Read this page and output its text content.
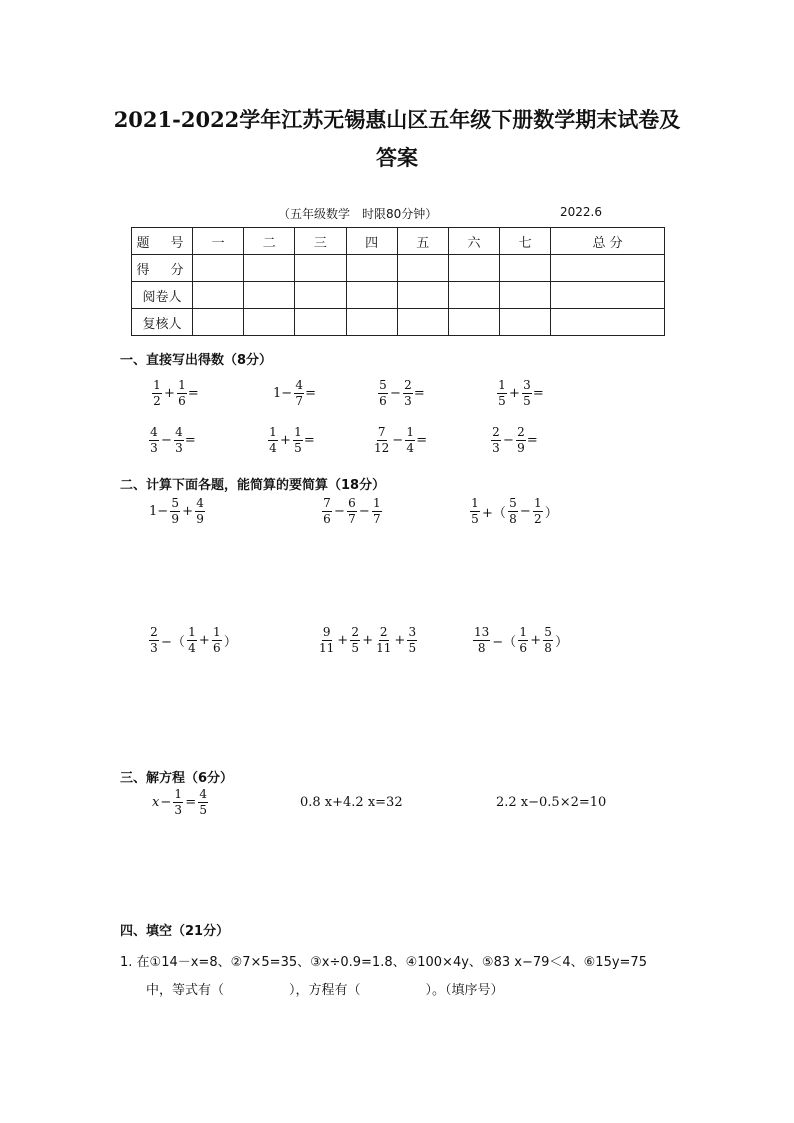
2021-2022学年江苏无锡惠山区五年级下册数学期末试卷及
答案
（五年级数学　时限80分钟）	2022.6
题　号	一	二	三	四	五	六	七	总 分
得　分								
阅卷人								
复核人								
一、直接写出得数（8分）
$\frac{1}{2} + \frac{1}{6}$ =	$1- \frac{4}{7}$ =	$\frac{5}{6} - \frac{2}{3}$ =	$\frac{1}{5} + \frac{3}{5}$ =
$\frac{4}{3} - \frac{4}{3}$ =	$\frac{1}{4} + \frac{1}{5}$ =	$\frac{7}{12} - \frac{1}{4}$ =	$\frac{2}{3} - \frac{2}{9}$ =
二、计算下面各题，能简算的要简算（18分）
$1- \frac{5}{9} + \frac{4}{9}$	$\frac{7}{6} - \frac{6}{7} - \frac{1}{7}$	$\frac{1}{5}$ +（ $\frac{5}{8} - \frac{1}{2}$ ）
$\frac{2}{3}$ −（ $\frac{1}{4} + \frac{1}{6}$ ）	$\frac{9}{11} + \frac{2}{5} + \frac{2}{11} + \frac{3}{5}$	$\frac{13}{8}$ −（ $\frac{1}{6} + \frac{5}{8}$ ）
三、解方程（6分）
$x - \frac{1}{3} = \frac{4}{5}$	0.8 x+4.2 x=32	2.2 x−0.5×2=10
四、填空（21分）
1. 在①14－x=8、②7×5=35、③x÷0.9=1.8、④100×4y、⑤83 x−79＜4、⑥15y=75
中，等式有（　　　　　），方程有（　　　　　）。（填序号）
